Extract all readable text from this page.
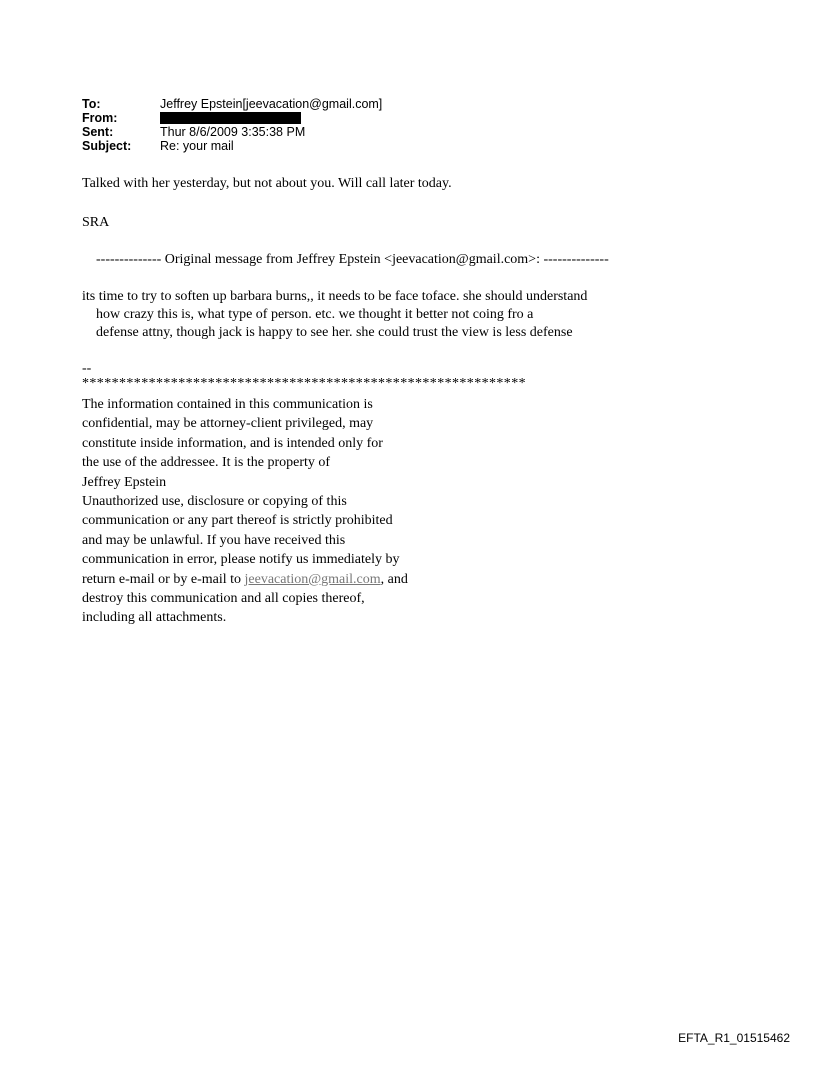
To:	Jeffrey Epstein[jeevacation@gmail.com]
From:
Sent:	Thur 8/6/2009 3:35:38 PM
Subject:	Re: your mail
Talked with her yesterday, but not about you. Will call later today.
SRA
-------------- Original message from Jeffrey Epstein <jeevacation@gmail.com>: --------------
its time to try to soften up barbara burns,, it needs to be face toface. she should understand
how crazy this is, what type of person. etc. we thought it better not coing fro a
defense attny, though jack is happy to see her. she could trust the view is less defense
--
************************************************************
The information contained in this communication is
confidential, may be attorney-client privileged, may
constitute inside information, and is intended only for
the use of the addressee. It is the property of
Jeffrey Epstein
Unauthorized use, disclosure or copying of this
communication or any part thereof is strictly prohibited
and may be unlawful. If you have received this
communication in error, please notify us immediately by
return e-mail or by e-mail to jeevacation@gmail.com, and
destroy this communication and all copies thereof,
including all attachments.
EFTA_R1_01515462
